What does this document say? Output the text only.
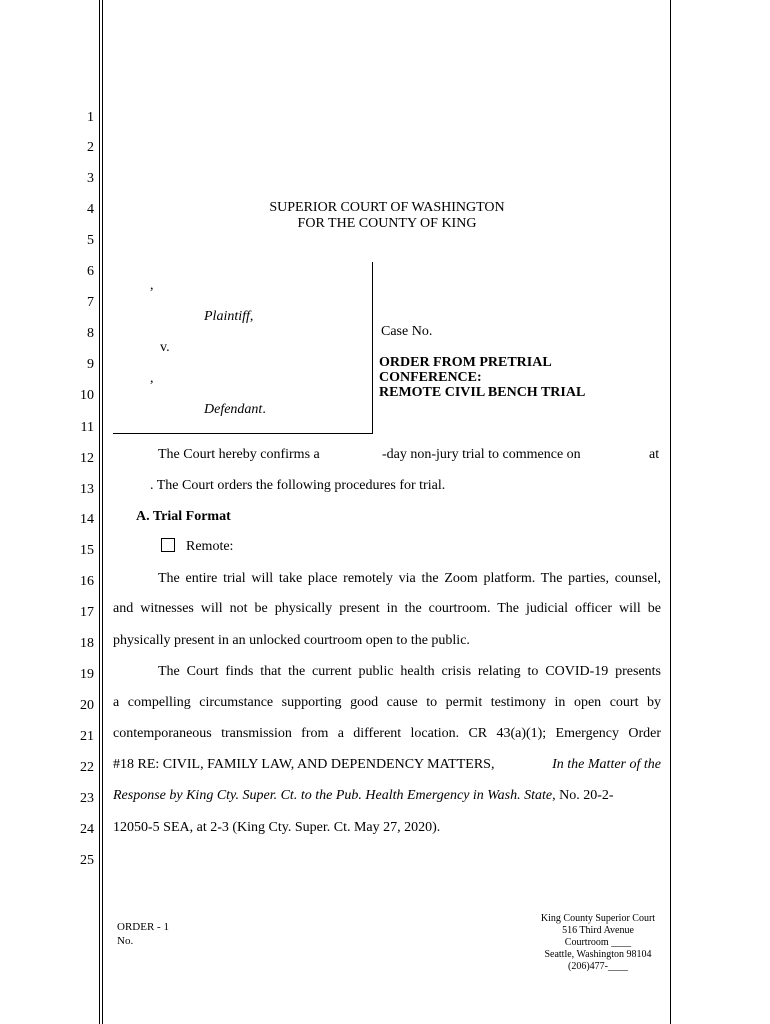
1
2
3
4
5
6
7
8
9
10
11
12
13
14
15
16
17
18
19
20
21
22
23
24
25
SUPERIOR COURT OF WASHINGTON
FOR THE COUNTY OF KING
,
Plaintiff,
v.
,
Defendant.
Case No.
ORDER FROM PRETRIAL
CONFERENCE:
REMOTE CIVIL BENCH TRIAL
The Court hereby confirms a	-day non-jury trial to commence on	at
. The Court orders the following procedures for trial.
A. Trial Format
Remote:
The entire trial will take place remotely via the Zoom platform. The parties, counsel,
and witnesses will not be physically present in the courtroom. The judicial officer will be
physically present in an unlocked courtroom open to the public.
The Court finds that the current public health crisis relating to COVID-19 presents
a compelling circumstance supporting good cause to permit testimony in open court by
contemporaneous transmission from a different location. CR 43(a)(1); Emergency Order
#18 RE: CIVIL, FAMILY LAW, AND DEPENDENCY MATTERS,	In the Matter of the
Response by King Cty. Super. Ct. to the Pub. Health Emergency in Wash. State, No. 20-2-
12050-5 SEA, at 2-3 (King Cty. Super. Ct. May 27, 2020).
ORDER - 1
No.
King County Superior Court
516 Third Avenue
Courtroom ____
Seattle, Washington 98104
(206)477-____
